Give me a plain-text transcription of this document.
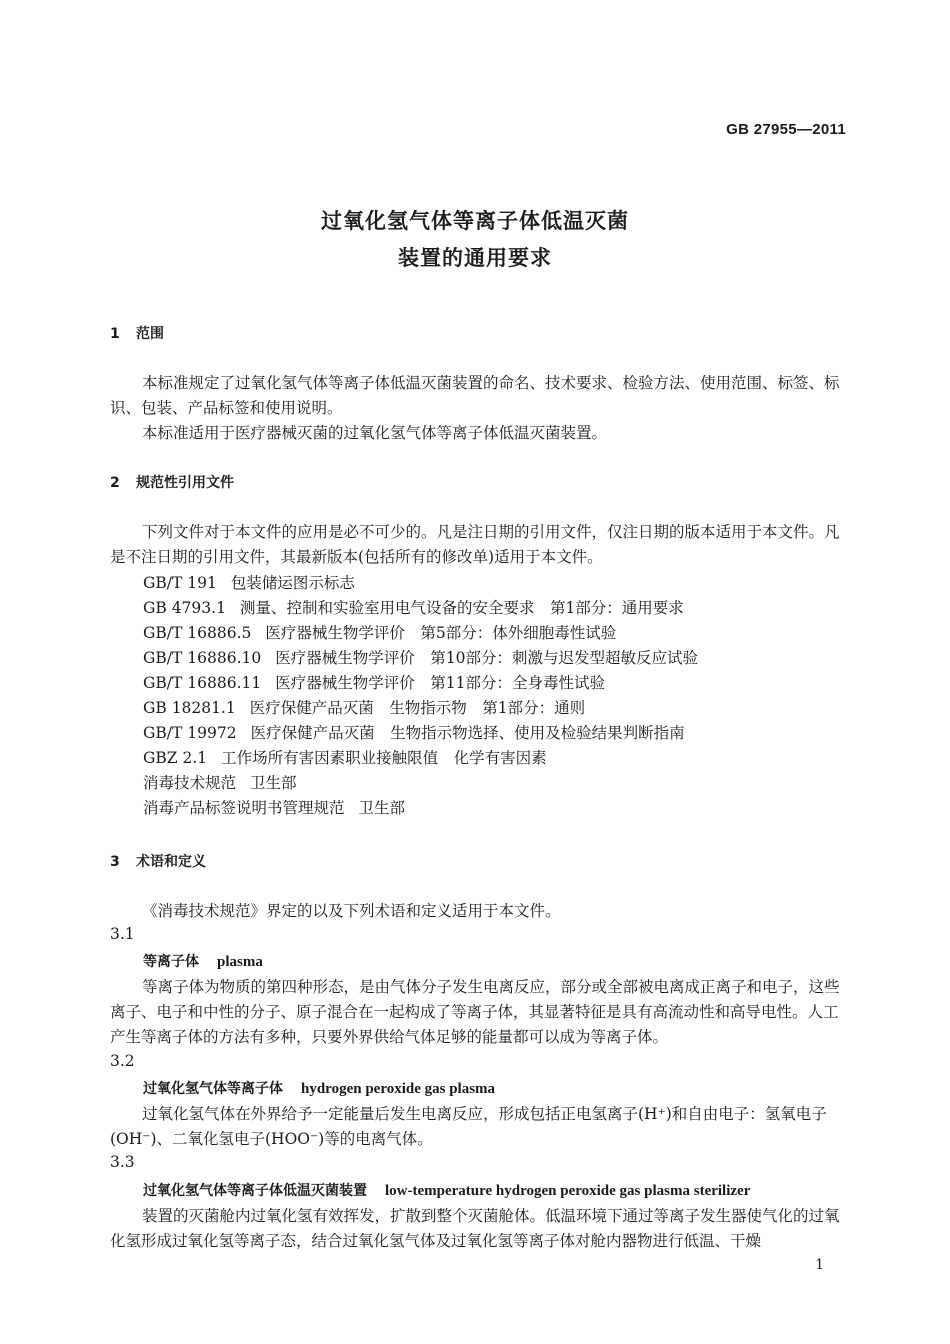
GB 27955—2011
过氧化氢气体等离子体低温灭菌
装置的通用要求
1 范围
本标准规定了过氧化氢气体等离子体低温灭菌装置的命名、技术要求、检验方法、使用范围、标签、标识、包装、产品标签和使用说明。
本标准适用于医疗器械灭菌的过氧化氢气体等离子体低温灭菌装置。
2 规范性引用文件
下列文件对于本文件的应用是必不可少的。凡是注日期的引用文件，仅注日期的版本适用于本文件。凡是不注日期的引用文件，其最新版本(包括所有的修改单)适用于本文件。
GB/T 191 包装储运图示标志
GB 4793.1 测量、控制和实验室用电气设备的安全要求　第1部分：通用要求
GB/T 16886.5 医疗器械生物学评价　第5部分：体外细胞毒性试验
GB/T 16886.10 医疗器械生物学评价　第10部分：刺激与迟发型超敏反应试验
GB/T 16886.11 医疗器械生物学评价　第11部分：全身毒性试验
GB 18281.1 医疗保健产品灭菌　生物指示物　第1部分：通则
GB/T 19972 医疗保健产品灭菌　生物指示物选择、使用及检验结果判断指南
GBZ 2.1 工作场所有害因素职业接触限值　化学有害因素
消毒技术规范 卫生部
消毒产品标签说明书管理规范 卫生部
3 术语和定义
《消毒技术规范》界定的以及下列术语和定义适用于本文件。
3.1
等离子体 plasma
等离子体为物质的第四种形态，是由气体分子发生电离反应，部分或全部被电离成正离子和电子，这些离子、电子和中性的分子、原子混合在一起构成了等离子体，其显著特征是具有高流动性和高导电性。人工产生等离子体的方法有多种，只要外界供给气体足够的能量都可以成为等离子体。
3.2
过氧化氢气体等离子体 hydrogen peroxide gas plasma
过氧化氢气体在外界给予一定能量后发生电离反应，形成包括正电氢离子(H⁺)和自由电子：氢氧电子(OH⁻)、二氧化氢电子(HOO⁻)等的电离气体。
3.3
过氧化氢气体等离子体低温灭菌装置 low-temperature hydrogen peroxide gas plasma sterilizer
装置的灭菌舱内过氧化氢有效挥发，扩散到整个灭菌舱体。低温环境下通过等离子发生器使气化的过氧化氢形成过氧化氢等离子态，结合过氧化氢气体及过氧化氢等离子体对舱内器物进行低温、干燥
1
